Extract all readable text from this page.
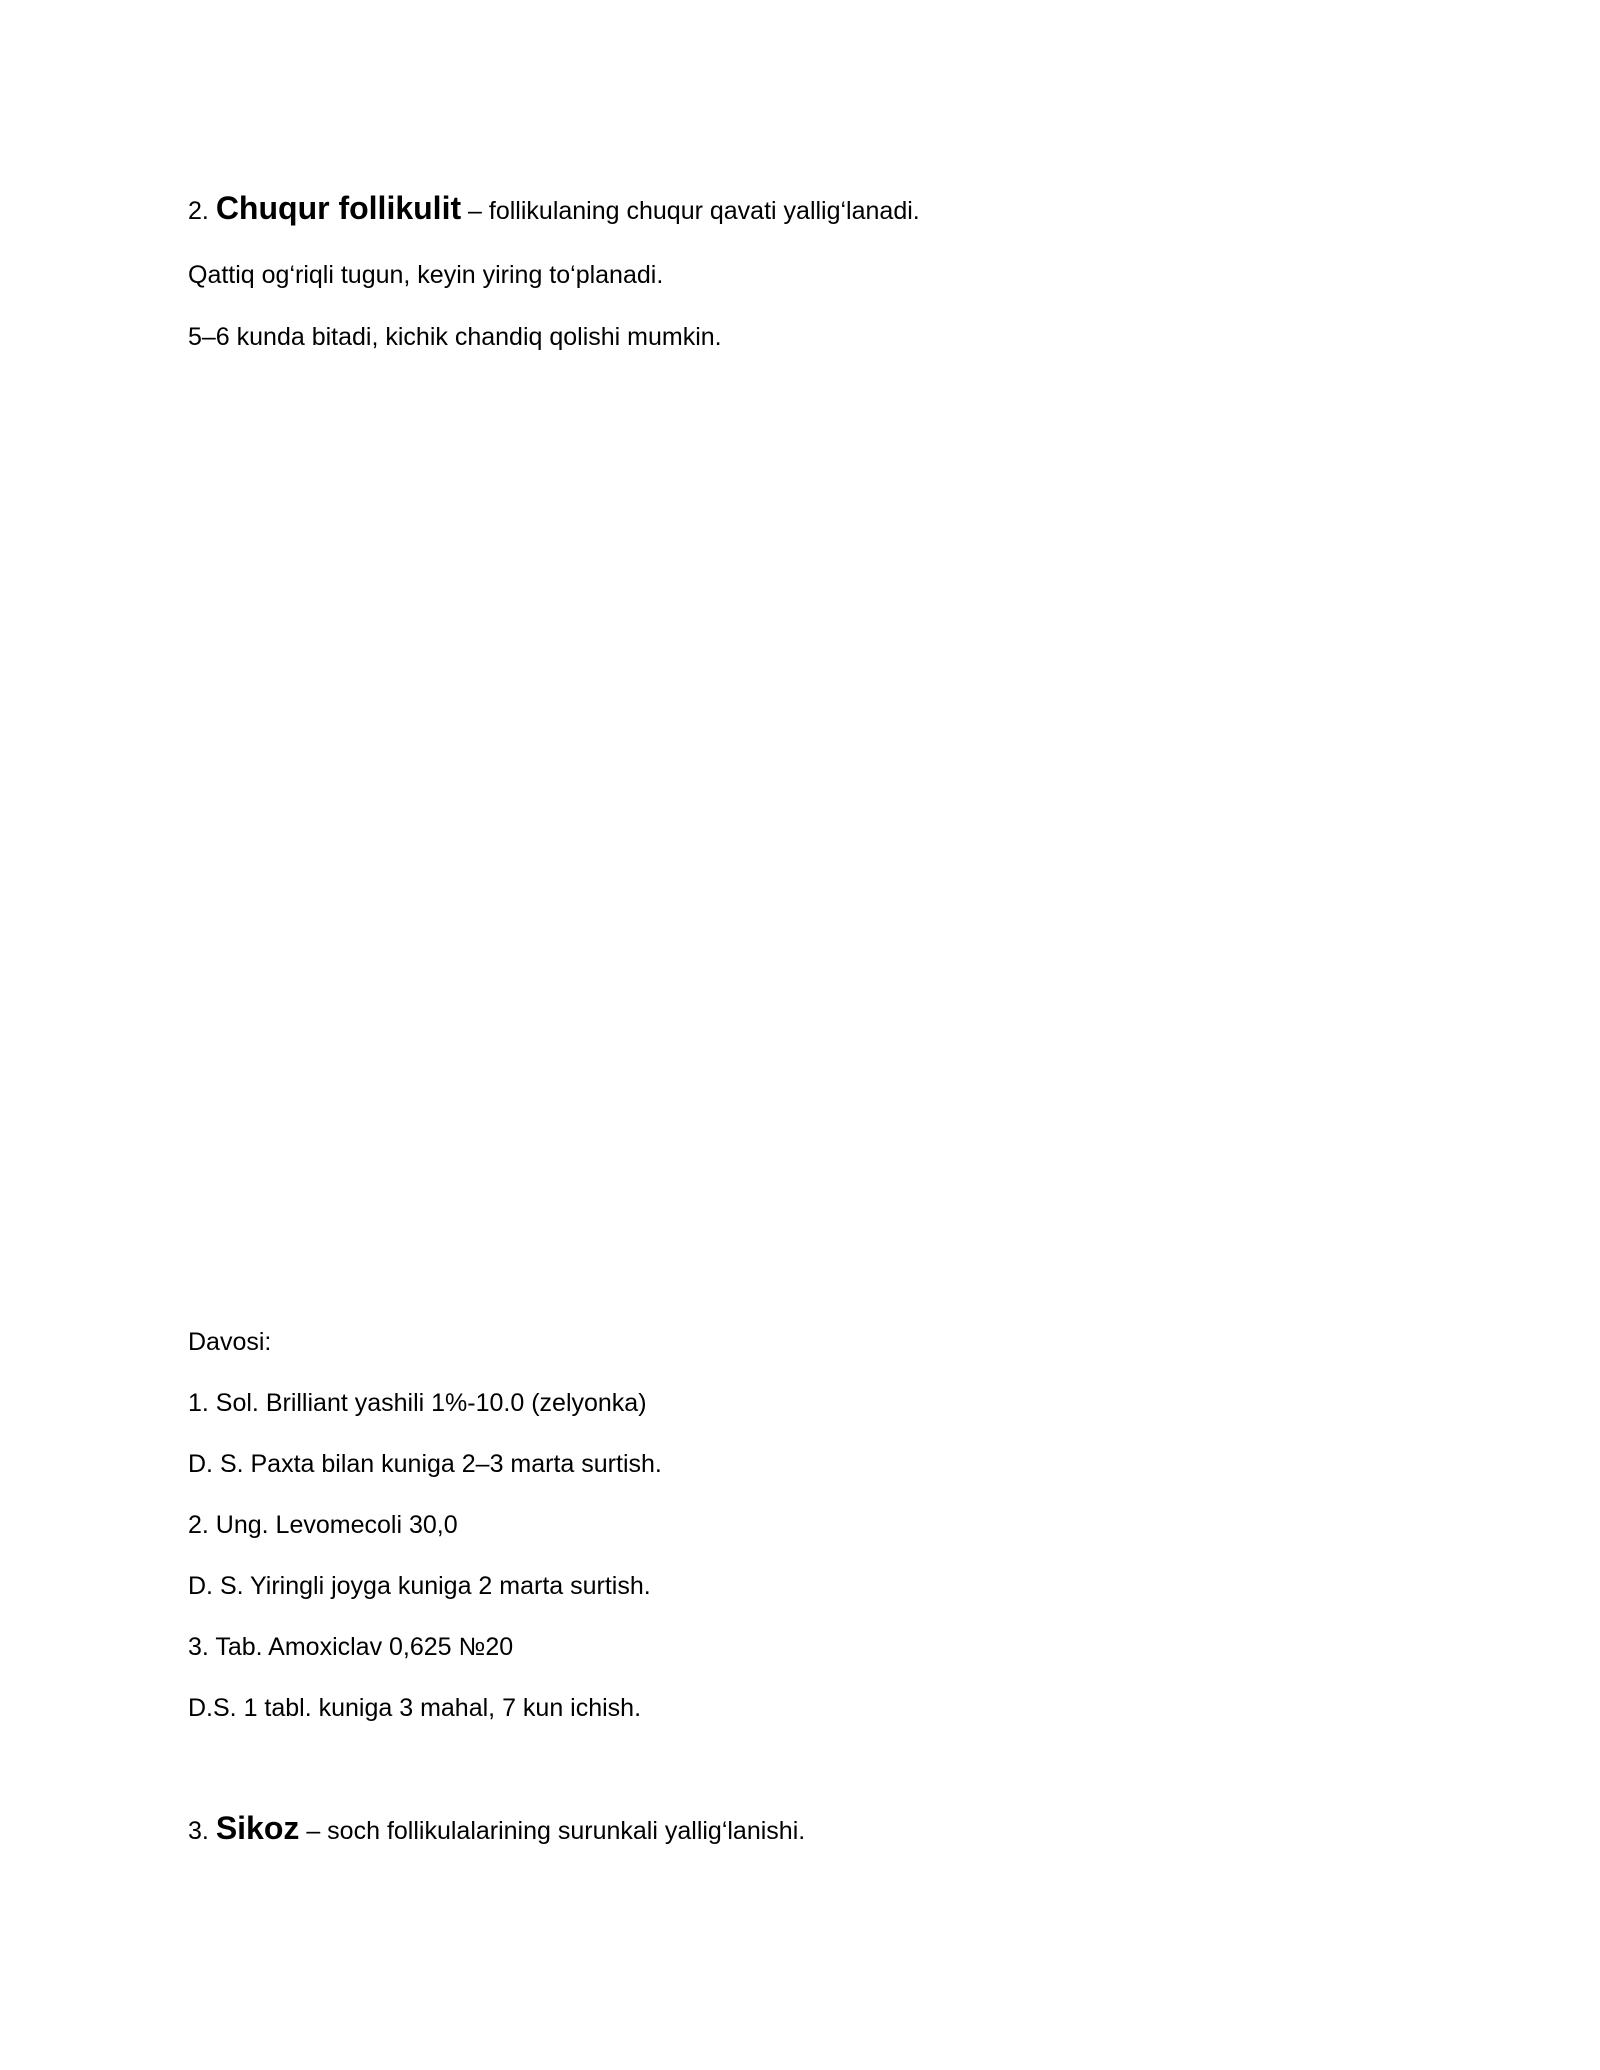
2. Chuqur follikulit – follikulaning chuqur qavati yallig‘lanadi.
Qattiq og‘riqli tugun, keyin yiring to‘planadi.
5–6 kunda bitadi, kichik chandiq qolishi mumkin.
Davosi:
1. Sol. Brilliant yashili 1%-10.0 (zelyonka)
D. S. Paxta bilan kuniga 2–3 marta surtish.
2. Ung. Levomecoli 30,0
D. S. Yiringli joyga kuniga 2 marta surtish.
3. Tab. Amoxiclav 0,625 №20
D.S. 1 tabl. kuniga 3 mahal, 7 kun ichish.
3. Sikoz – soch follikulalarining surunkali yallig‘lanishi.
